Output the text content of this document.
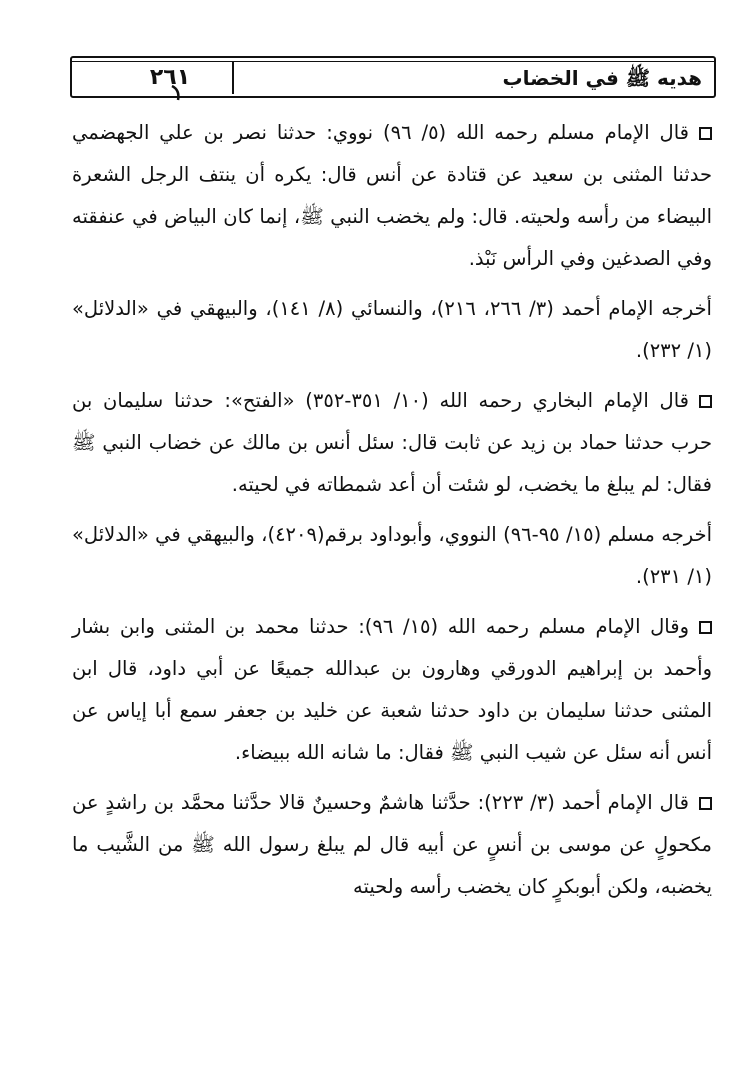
٢٦١	هديه ﷺ في الخضاب

قال الإمام مسلم رحمه الله (٥/ ٩٦) نووي: حدثنا نصر بن علي الجهضمي حدثنا المثنى بن سعيد عن قتادة عن أنس قال: يكره أن ينتف الرجل الشعرة البيضاء من رأسه ولحيته. قال: ولم يخضب النبي ﷺ، إنما كان البياض في عنفقته وفي الصدغين وفي الرأس نَبْذ.

أخرجه الإمام أحمد (٣/ ٢٦٦، ٢١٦)، والنسائي (٨/ ١٤١)، والبيهقي في «الدلائل» (١/ ٢٣٢).

قال الإمام البخاري رحمه الله (١٠/ ٣٥١-٣٥٢) «الفتح»: حدثنا سليمان بن حرب حدثنا حماد بن زيد عن ثابت قال: سئل أنس بن مالك عن خضاب النبي ﷺ فقال: لم يبلغ ما يخضب، لو شئت أن أعد شمطاته في لحيته.

أخرجه مسلم (١٥/ ٩٥-٩٦) النووي، وأبوداود برقم(٤٢٠٩)، والبيهقي في «الدلائل» (١/ ٢٣١).

وقال الإمام مسلم رحمه الله (١٥/ ٩٦): حدثنا محمد بن المثنى وابن بشار وأحمد بن إبراهيم الدورقي وهارون بن عبدالله جميعًا عن أبي داود، قال ابن المثنى حدثنا سليمان بن داود حدثنا شعبة عن خليد بن جعفر سمع أبا إياس عن أنس أنه سئل عن شيب النبي ﷺ فقال: ما شانه الله ببيضاء.

قال الإمام أحمد (٣/ ٢٢٣): حدَّثنا هاشمٌ وحسينٌ قالا حدَّثنا محمَّد بن راشدٍ عن مكحولٍ عن موسى بن أنسٍ عن أبيه قال لم يبلغ رسول الله ﷺ من الشَّيب ما يخضبه، ولكن أبوبكرٍ كان يخضب رأسه ولحيته
